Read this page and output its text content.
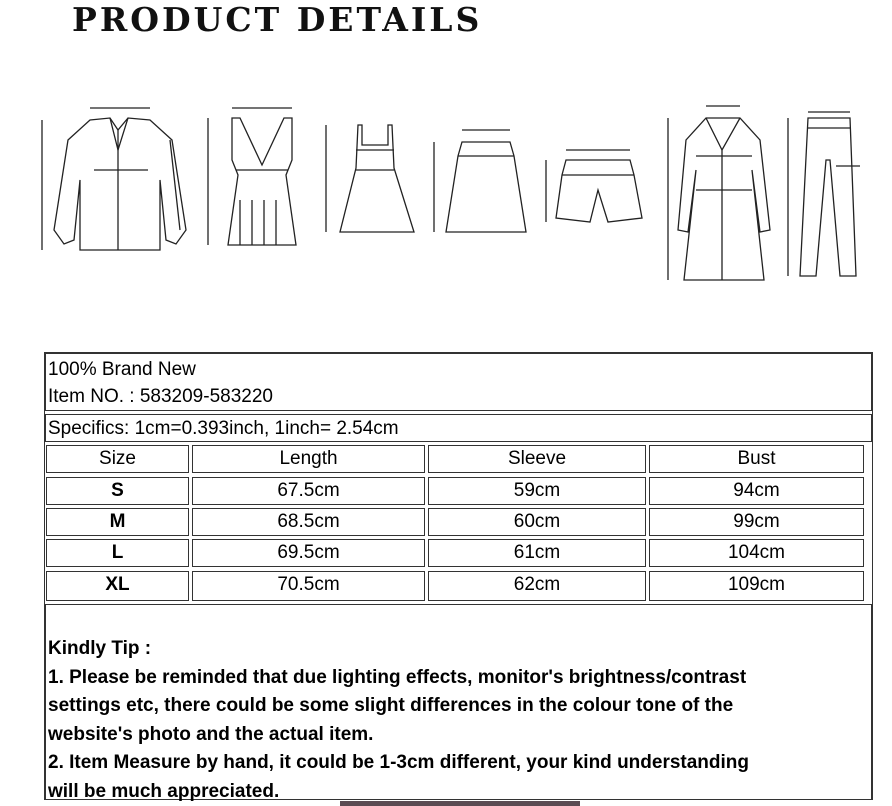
PRODUCT DETAILS
100% Brand New
Item NO. : 583209-583220
Specifics: 1cm=0.393inch, 1inch= 2.54cm
Size	Length	Sleeve	Bust
S	67.5cm	59cm	94cm
M	68.5cm	60cm	99cm
L	69.5cm	61cm	104cm
XL	70.5cm	62cm	109cm

Kindly Tip :

1. Please be reminded that due lighting effects, monitor's brightness/contrast

settings etc, there could be some slight differences in the colour tone of the

website's photo and the actual item.

2. Item Measure by hand, it could be 1-3cm different, your kind understanding

will be much appreciated.
